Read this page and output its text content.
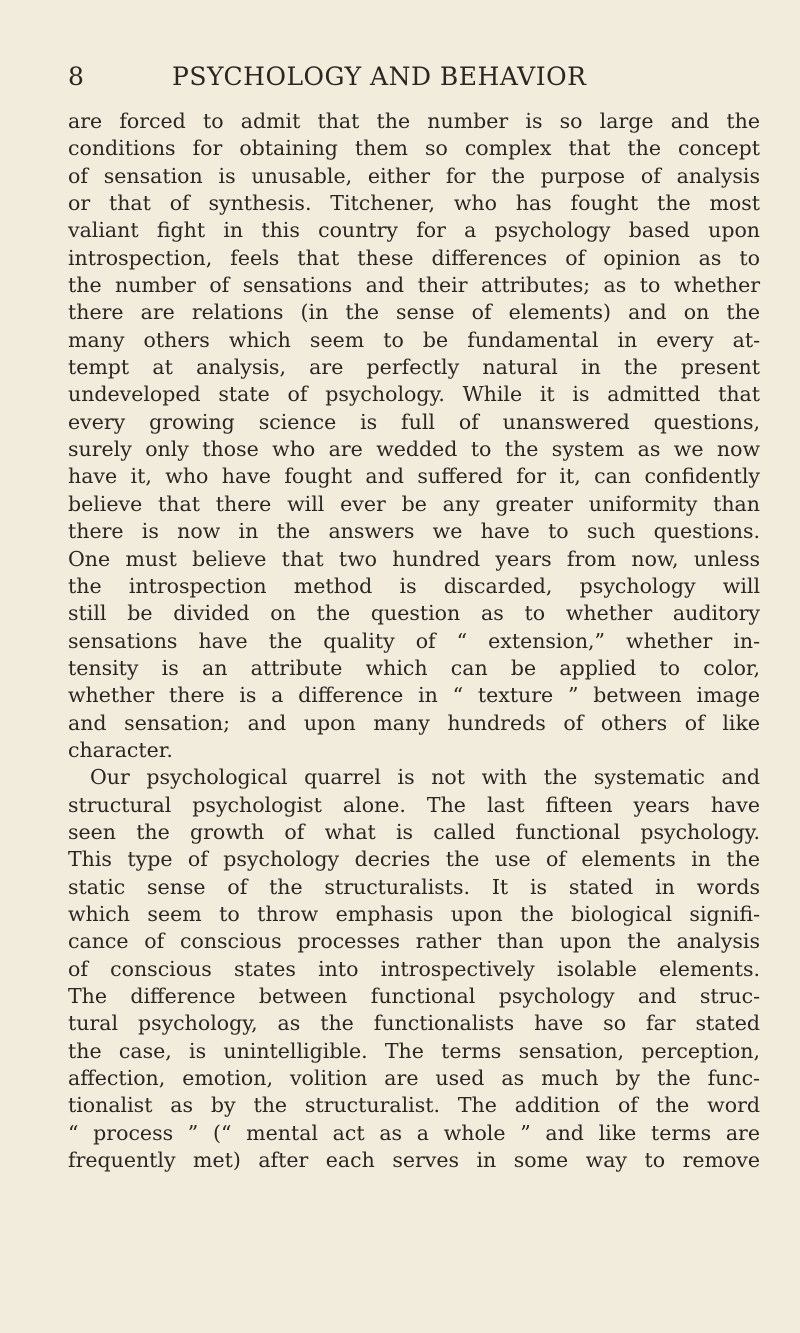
8	PSYCHOLOGY AND BEHAVIOR
are forced to admit that the number is so large and the
conditions for obtaining them so complex that the concept
of sensation is unusable, either for the purpose of analysis
or that of synthesis. Titchener, who has fought the most
valiant fight in this country for a psychology based upon
introspection, feels that these differences of opinion as to
the number of sensations and their attributes; as to whether
there are relations (in the sense of elements) and on the
many others which seem to be fundamental in every at-
tempt at analysis, are perfectly natural in the present
undeveloped state of psychology. While it is admitted that
every growing science is full of unanswered questions,
surely only those who are wedded to the system as we now
have it, who have fought and suffered for it, can confidently
believe that there will ever be any greater uniformity than
there is now in the answers we have to such questions.
One must believe that two hundred years from now, unless
the introspection method is discarded, psychology will
still be divided on the question as to whether auditory
sensations have the quality of “ extension,” whether in-
tensity is an attribute which can be applied to color,
whether there is a difference in “ texture ” between image
and sensation; and upon many hundreds of others of like
character.
Our psychological quarrel is not with the systematic and
structural psychologist alone. The last fifteen years have
seen the growth of what is called functional psychology.
This type of psychology decries the use of elements in the
static sense of the structuralists. It is stated in words
which seem to throw emphasis upon the biological signifi-
cance of conscious processes rather than upon the analysis
of conscious states into introspectively isolable elements.
The difference between functional psychology and struc-
tural psychology, as the functionalists have so far stated
the case, is unintelligible. The terms sensation, perception,
affection, emotion, volition are used as much by the func-
tionalist as by the structuralist. The addition of the word
“ process ” (“ mental act as a whole ” and like terms are
frequently met) after each serves in some way to remove
